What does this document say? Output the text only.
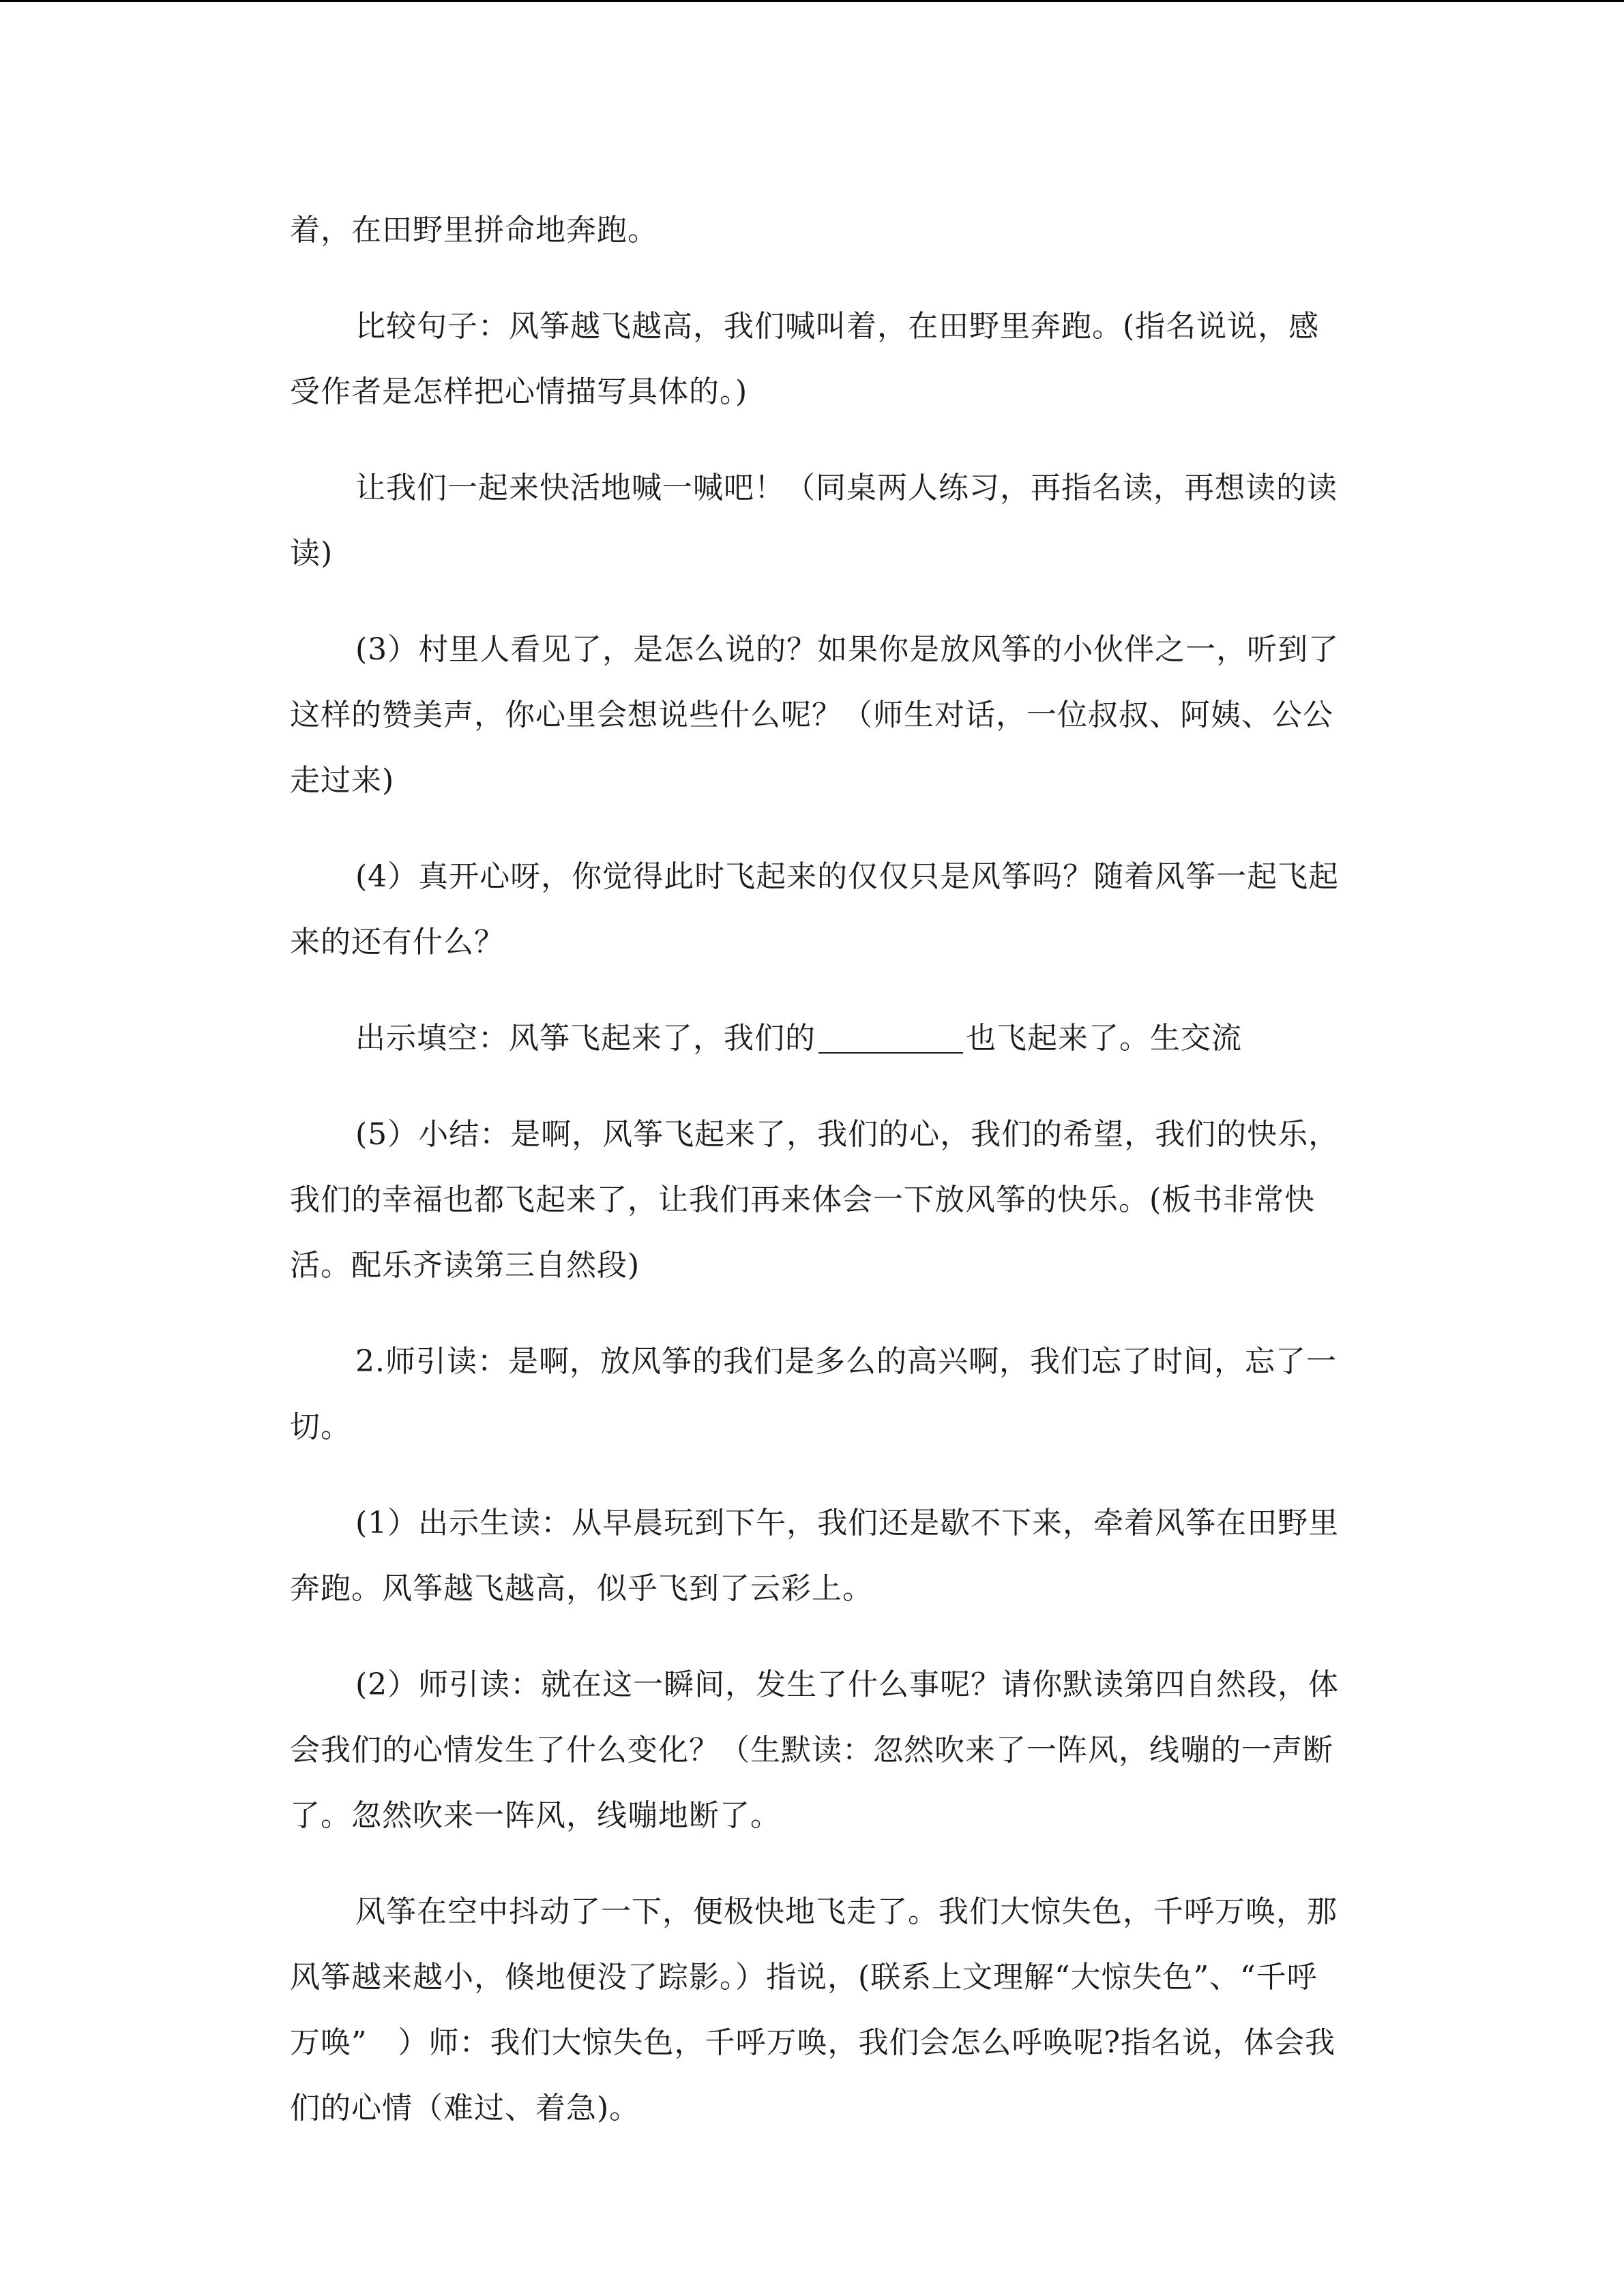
着，在田野里拼命地奔跑。

比较句子：风筝越飞越高，我们喊叫着，在田野里奔跑。(指名说说，感受作者是怎样把心情描写具体的。)

让我们一起来快活地喊一喊吧！（同桌两人练习，再指名读，再想读的读读)

(3）村里人看见了，是怎么说的？如果你是放风筝的小伙伴之一，听到了这样的赞美声，你心里会想说些什么呢？（师生对话，一位叔叔、阿姨、公公走过来)

(4）真开心呀，你觉得此时飞起来的仅仅只是风筝吗？随着风筝一起飞起来的还有什么？

出示填空：风筝飞起来了，我们的	也飞起来了。生交流

(5）小结：是啊，风筝飞起来了，我们的心，我们的希望，我们的快乐，我们的幸福也都飞起来了，让我们再来体会一下放风筝的快乐。(板书非常快活。配乐齐读第三自然段)

2.师引读：是啊，放风筝的我们是多么的高兴啊，我们忘了时间，忘了一切。

(1）出示生读：从早晨玩到下午，我们还是歇不下来，牵着风筝在田野里奔跑。风筝越飞越高，似乎飞到了云彩上。

(2）师引读：就在这一瞬间，发生了什么事呢？请你默读第四自然段，体会我们的心情发生了什么变化？（生默读：忽然吹来了一阵风，线嘣的一声断了。忽然吹来一阵风，线嘣地断了。

风筝在空中抖动了一下，便极快地飞走了。我们大惊失色，千呼万唤，那风筝越来越小，倏地便没了踪影。）指说，(联系上文理解“大惊失色”、“千呼万唤”　）师：我们大惊失色，千呼万唤，我们会怎么呼唤呢?指名说，体会我们的心情（难过、着急)。
